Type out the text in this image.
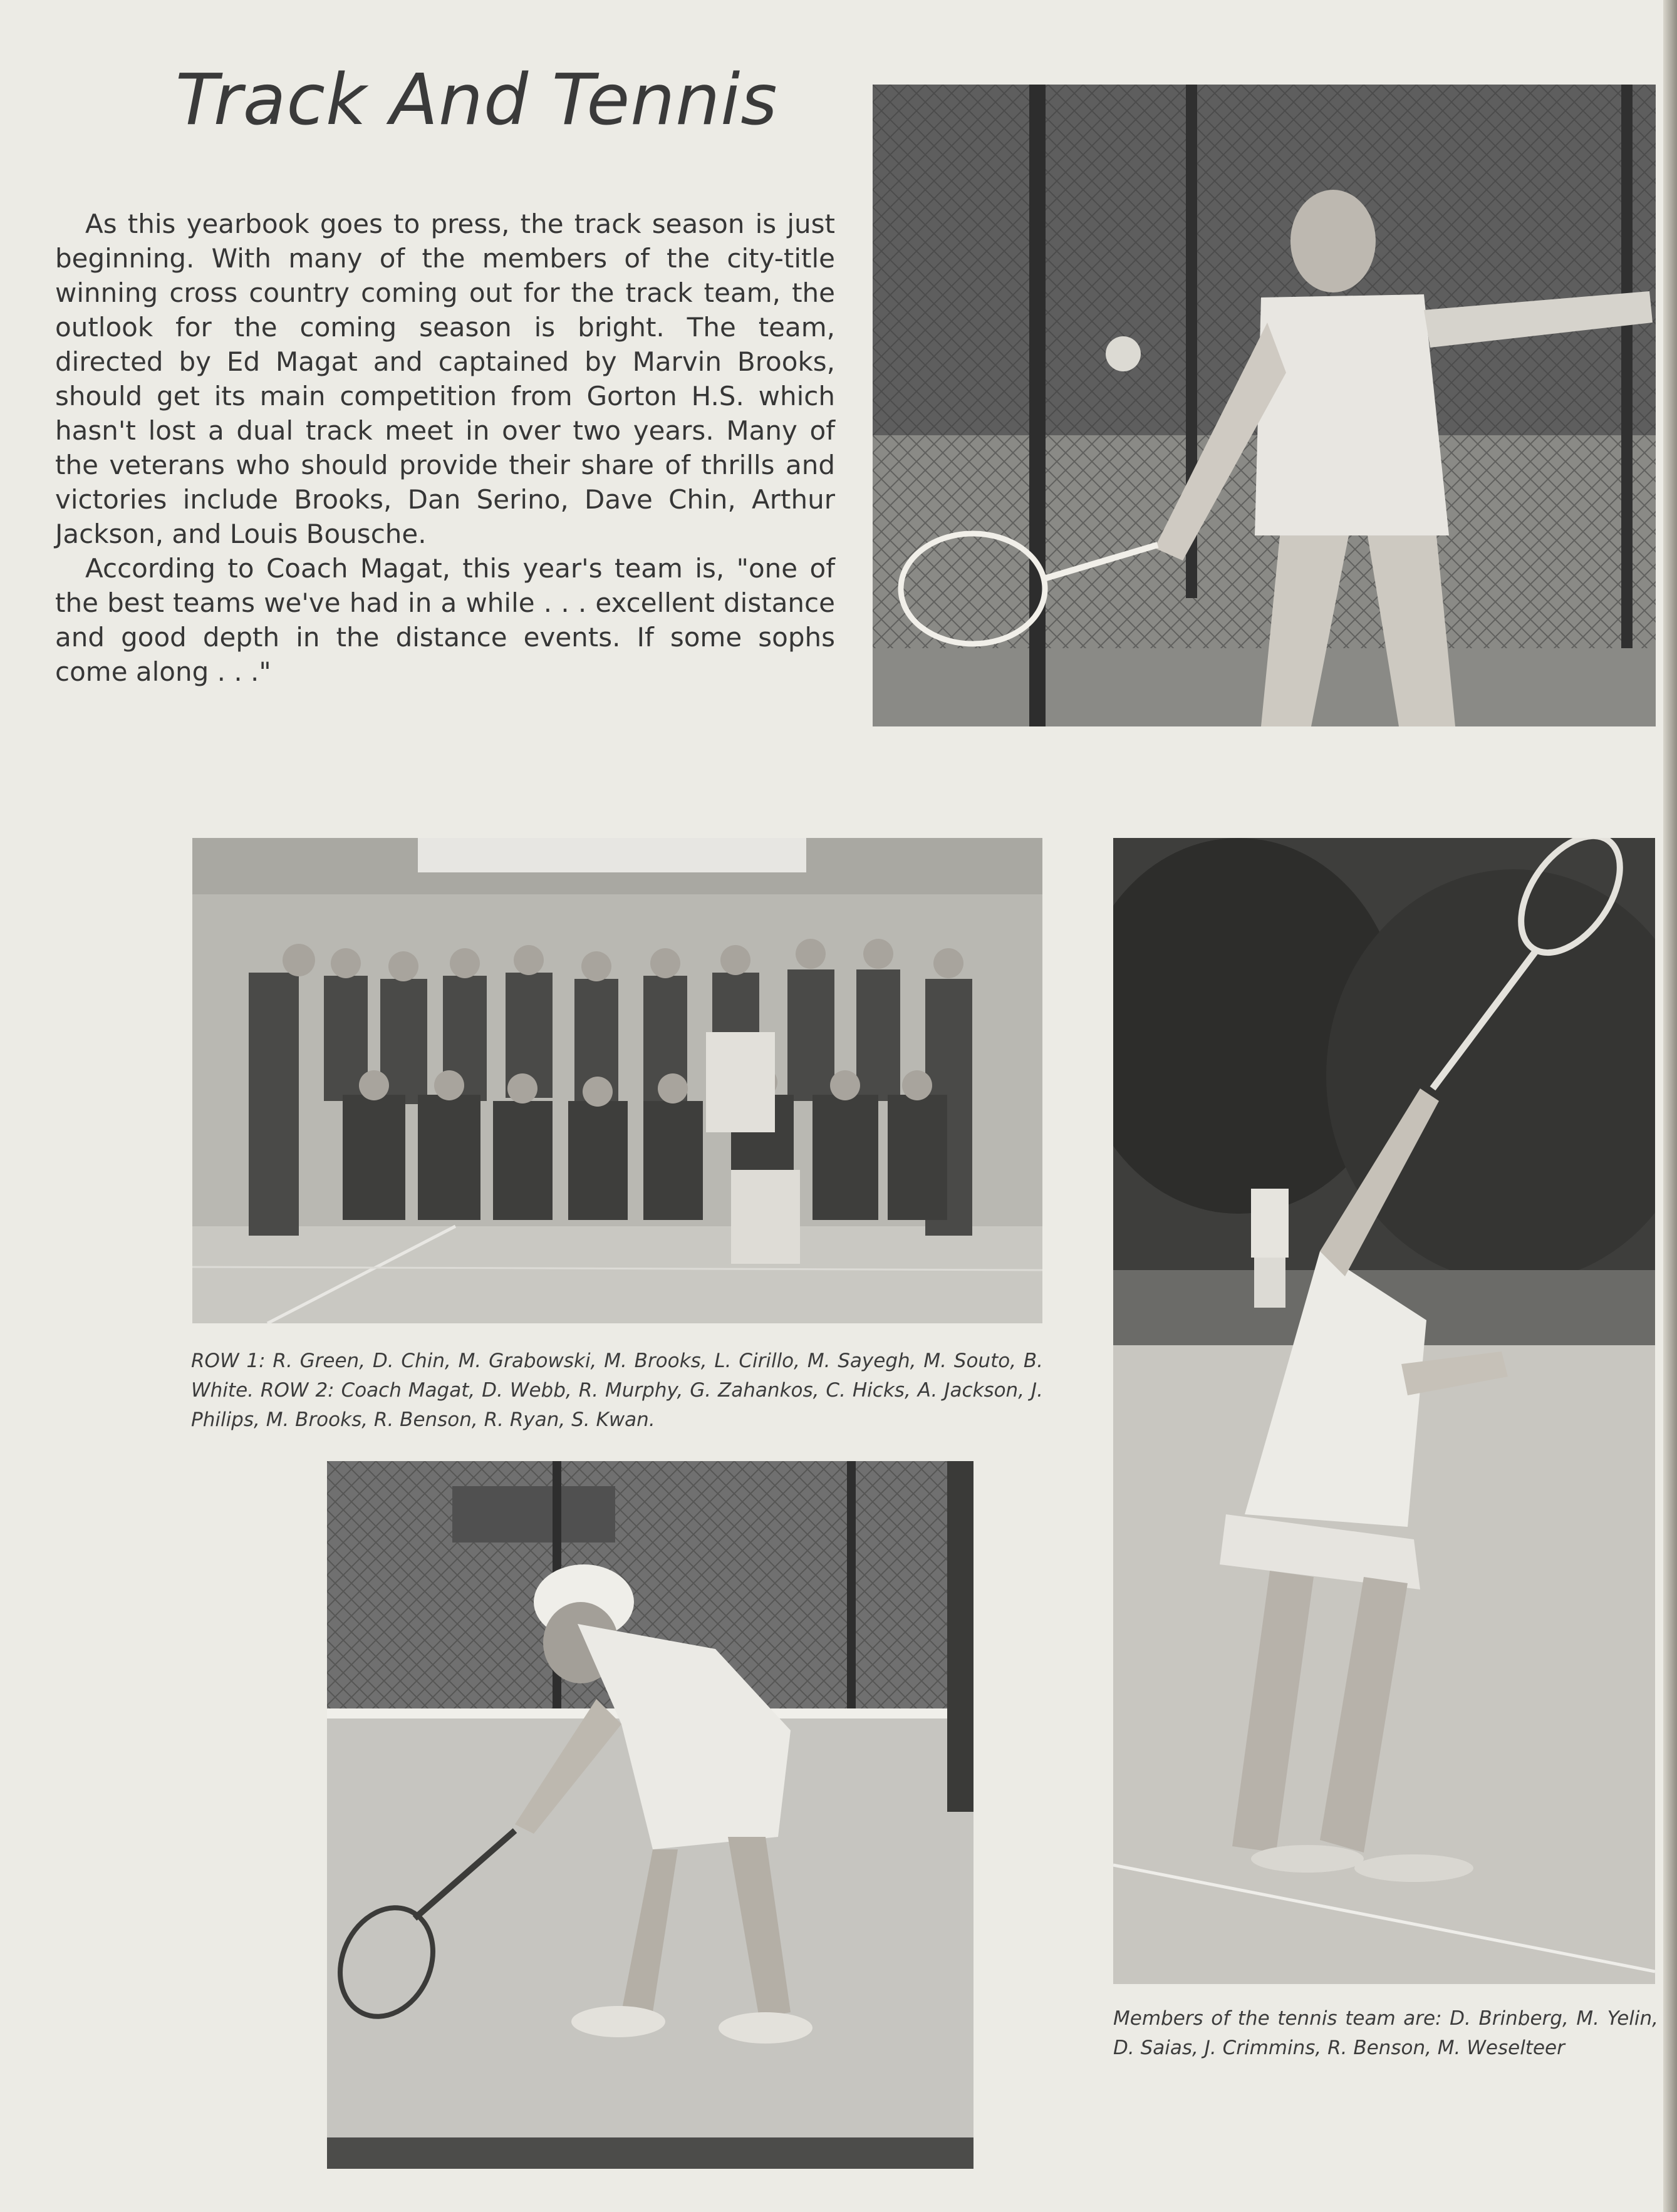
Track And Tennis

As this yearbook goes to press, the track season is just beginning. With many of the members of the city-title winning cross country coming out for the track team, the outlook for the coming season is bright. The team, directed by Ed Magat and captained by Marvin Brooks, should get its main competition from Gorton H.S. which hasn't lost a dual track meet in over two years. Many of the veterans who should provide their share of thrills and victories include Brooks, Dan Serino, Dave Chin, Arthur Jackson, and Louis Bousche.

According to Coach Magat, this year's team is, "one of the best teams we've had in a while . . . excellent distance and good depth in the distance events. If some sophs come along . . ."

ROW 1: R. Green, D. Chin, M. Grabowski, M. Brooks, L. Cirillo, M. Sayegh, M. Souto, B. White. ROW 2: Coach Magat, D. Webb, R. Murphy, G. Zahankos, C. Hicks, A. Jackson, J. Philips, M. Brooks, R. Benson, R. Ryan, S. Kwan.
Members of the tennis team are: D. Brinberg, M. Yelin, D. Saias, J. Crimmins, R. Benson, M. Weselteer
